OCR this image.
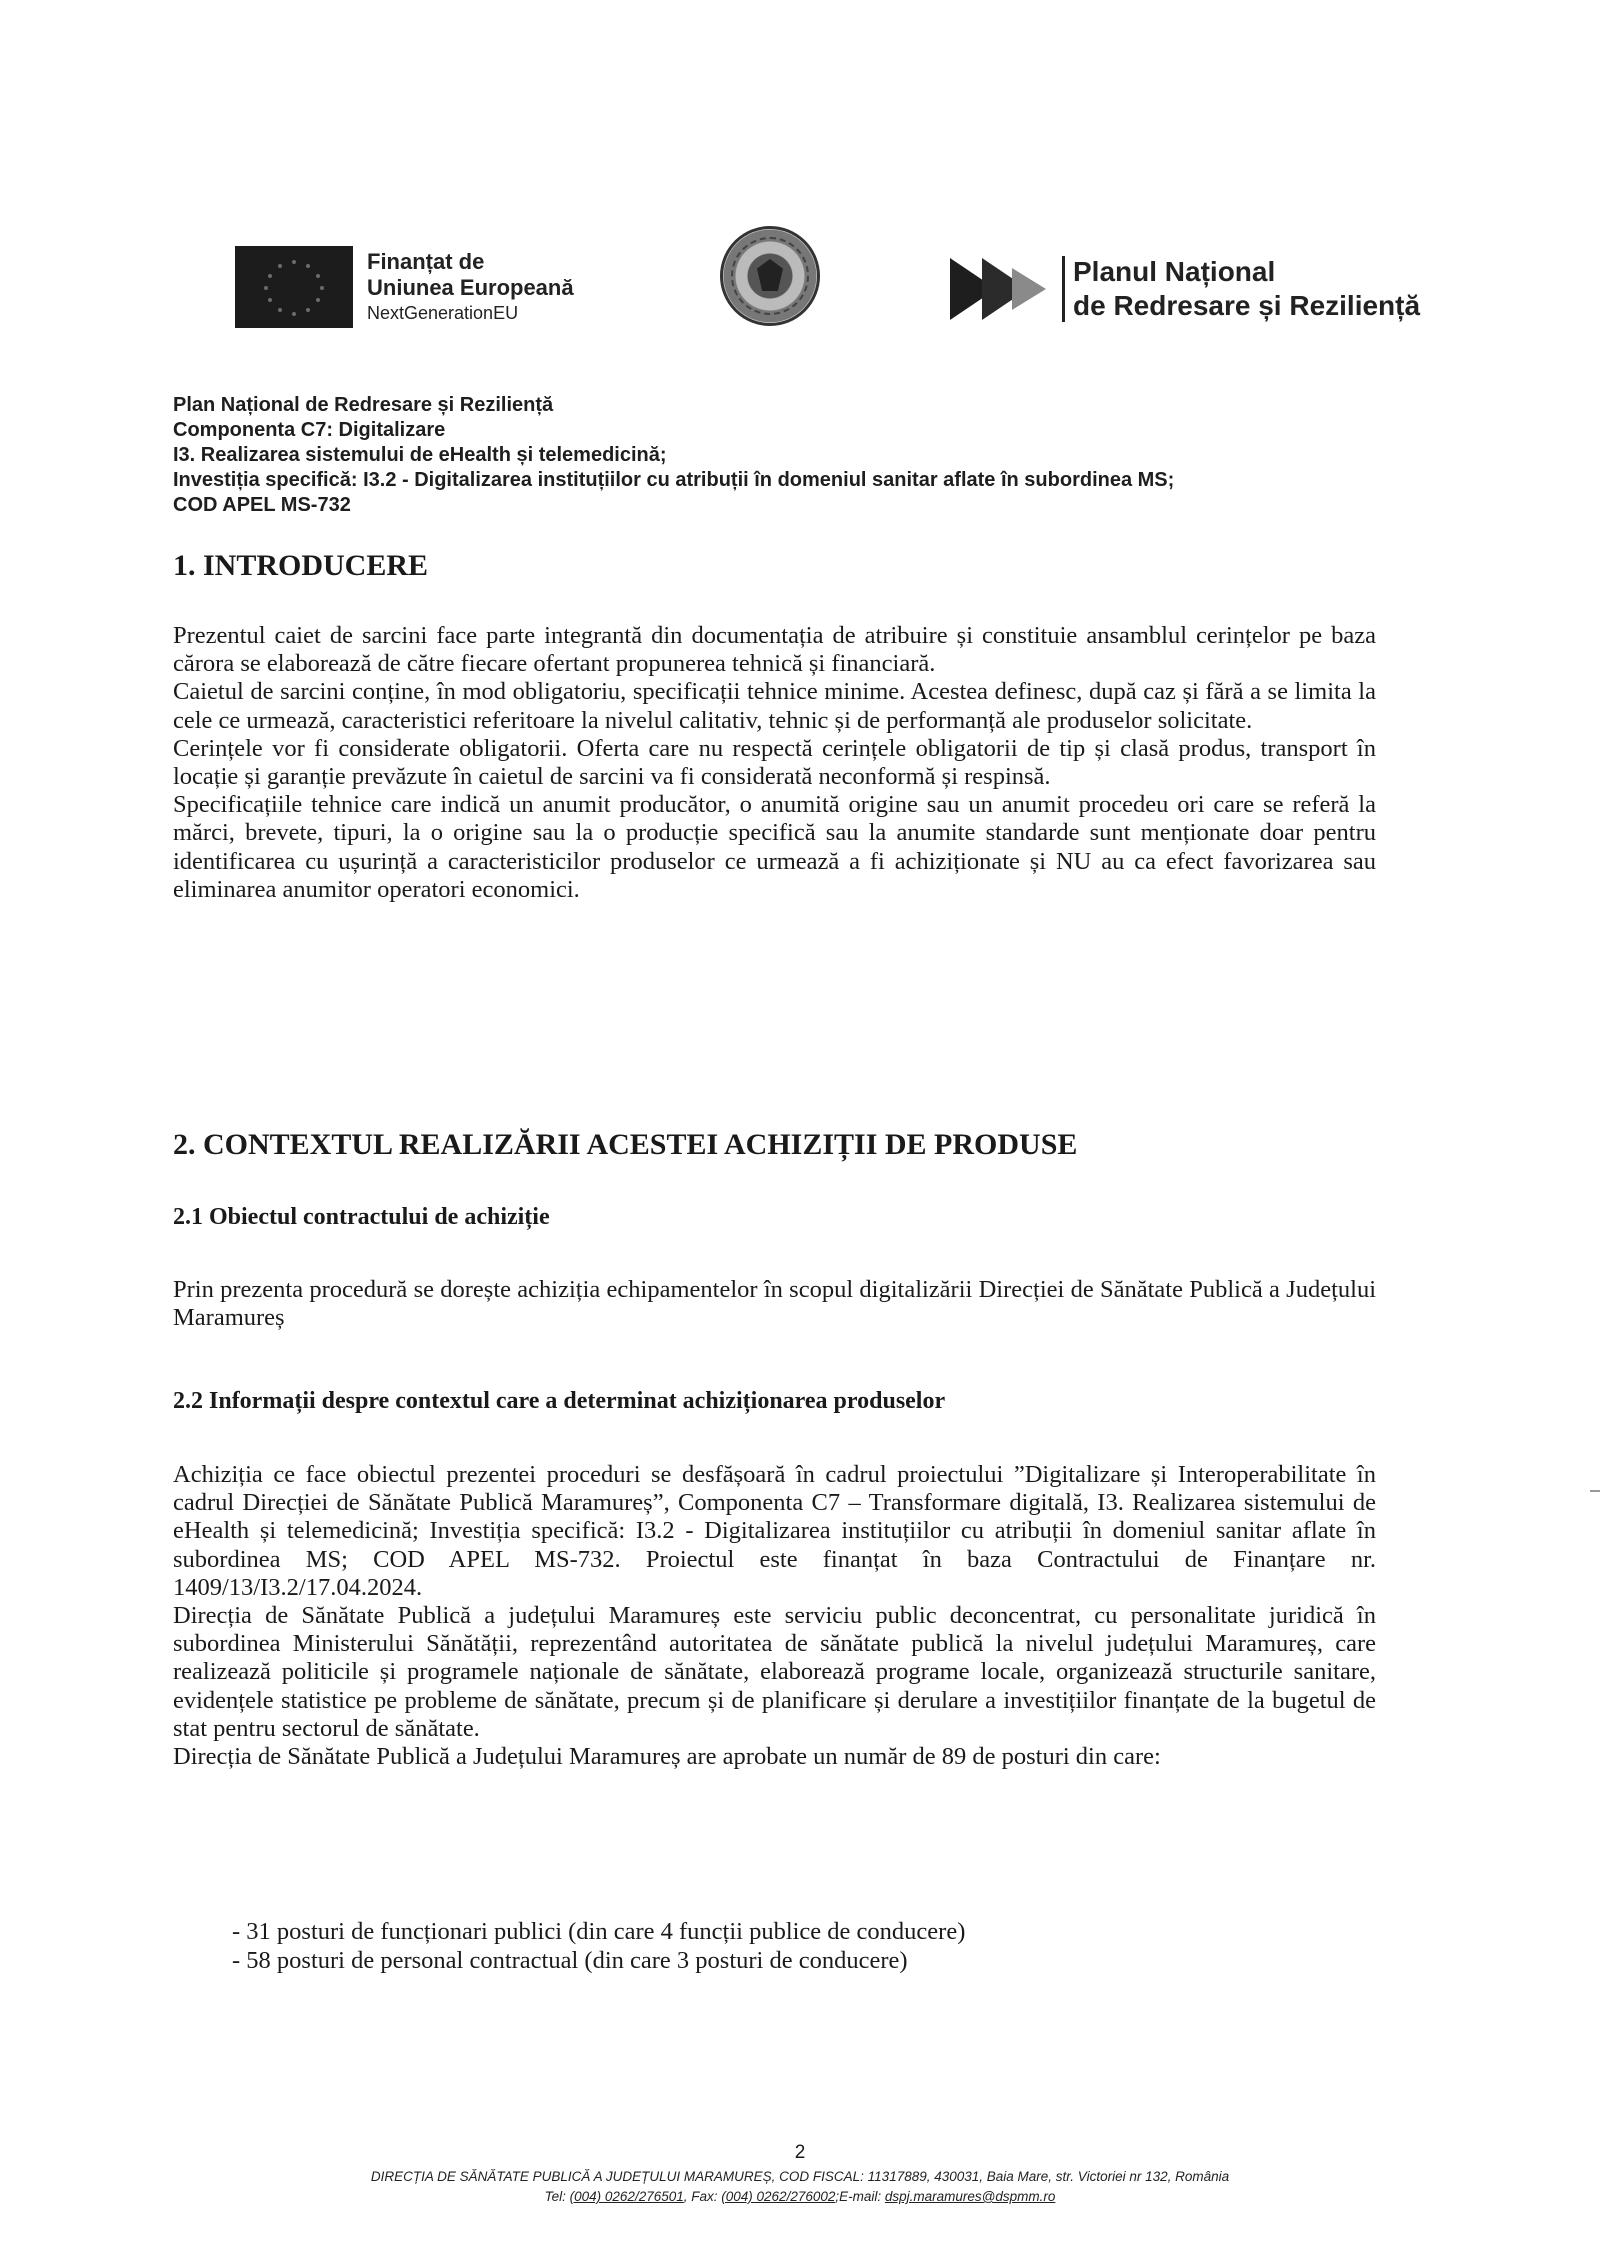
Finanțat de
Uniunea Europeană
NextGenerationEU
Planul Național
de Redresare și Reziliență
Plan Național de Redresare și Reziliență
Componenta C7: Digitalizare
I3. Realizarea sistemului de eHealth și telemedicină;
Investiția specifică: I3.2 - Digitalizarea instituțiilor cu atribuții în domeniul sanitar aflate în subordinea MS;
COD APEL MS-732
1. INTRODUCERE

Prezentul caiet de sarcini face parte integrantă din documentația de atribuire și constituie ansamblul cerințelor pe baza cărora se elaborează de către fiecare ofertant propunerea tehnică și financiară.

Caietul de sarcini conține, în mod obligatoriu, specificații tehnice minime. Acestea definesc, după caz și fără a se limita la cele ce urmează, caracteristici referitoare la nivelul calitativ, tehnic și de performanță ale produselor solicitate.

Cerințele vor fi considerate obligatorii. Oferta care nu respectă cerințele obligatorii de tip și clasă produs, transport în locație și garanție prevăzute în caietul de sarcini va fi considerată neconformă și respinsă.

Specificațiile tehnice care indică un anumit producător, o anumită origine sau un anumit procedeu ori care se referă la mărci, brevete, tipuri, la o origine sau la o producție specifică sau la anumite standarde sunt menționate doar pentru identificarea cu ușurință a caracteristicilor produselor ce urmează a fi achiziționate și NU au ca efect favorizarea sau eliminarea anumitor operatori economici.

2. CONTEXTUL REALIZĂRII ACESTEI ACHIZIȚII DE PRODUSE
2.1 Obiectul contractului de achiziție

Prin prezenta procedură se dorește achiziția echipamentelor în scopul digitalizării Direcției de Sănătate Publică a Județului Maramureș

2.2 Informații despre contextul care a determinat achiziționarea produselor

Achiziția ce face obiectul prezentei proceduri se desfășoară în cadrul proiectului ”Digitalizare și Interoperabilitate în cadrul Direcției de Sănătate Publică Maramureș”, Componenta C7 – Transformare digitală, I3. Realizarea sistemului de eHealth și telemedicină; Investiția specifică: I3.2 - Digitalizarea instituțiilor cu atribuții în domeniul sanitar aflate în subordinea MS; COD APEL MS-732. Proiectul este finanțat în baza Contractului de Finanțare nr. 1409/13/I3.2/17.04.2024.

Direcția de Sănătate Publică a județului Maramureș este serviciu public deconcentrat, cu personalitate juridică în subordinea Ministerului Sănătății, reprezentând autoritatea de sănătate publică la nivelul județului Maramureș, care realizează politicile și programele naționale de sănătate, elaborează programe locale, organizează structurile sanitare, evidențele statistice pe probleme de sănătate, precum și de planificare și derulare a investițiilor finanțate de la bugetul de stat pentru sectorul de sănătate.

Direcția de Sănătate Publică a Județului Maramureș are aprobate un număr de 89 de posturi din care:

- 31 posturi de funcționari publici (din care 4 funcții publice de conducere)
- 58 posturi de personal contractual (din care 3 posturi de conducere)
2
DIRECȚIA DE SĂNĂTATE PUBLICĂ A JUDEȚULUI MARAMUREȘ, COD FISCAL: 11317889, 430031, Baia Mare, str. Victoriei nr 132, România
Tel: (004) 0262/276501, Fax: (004) 0262/276002;E-mail: dspj.maramures@dspmm.ro
